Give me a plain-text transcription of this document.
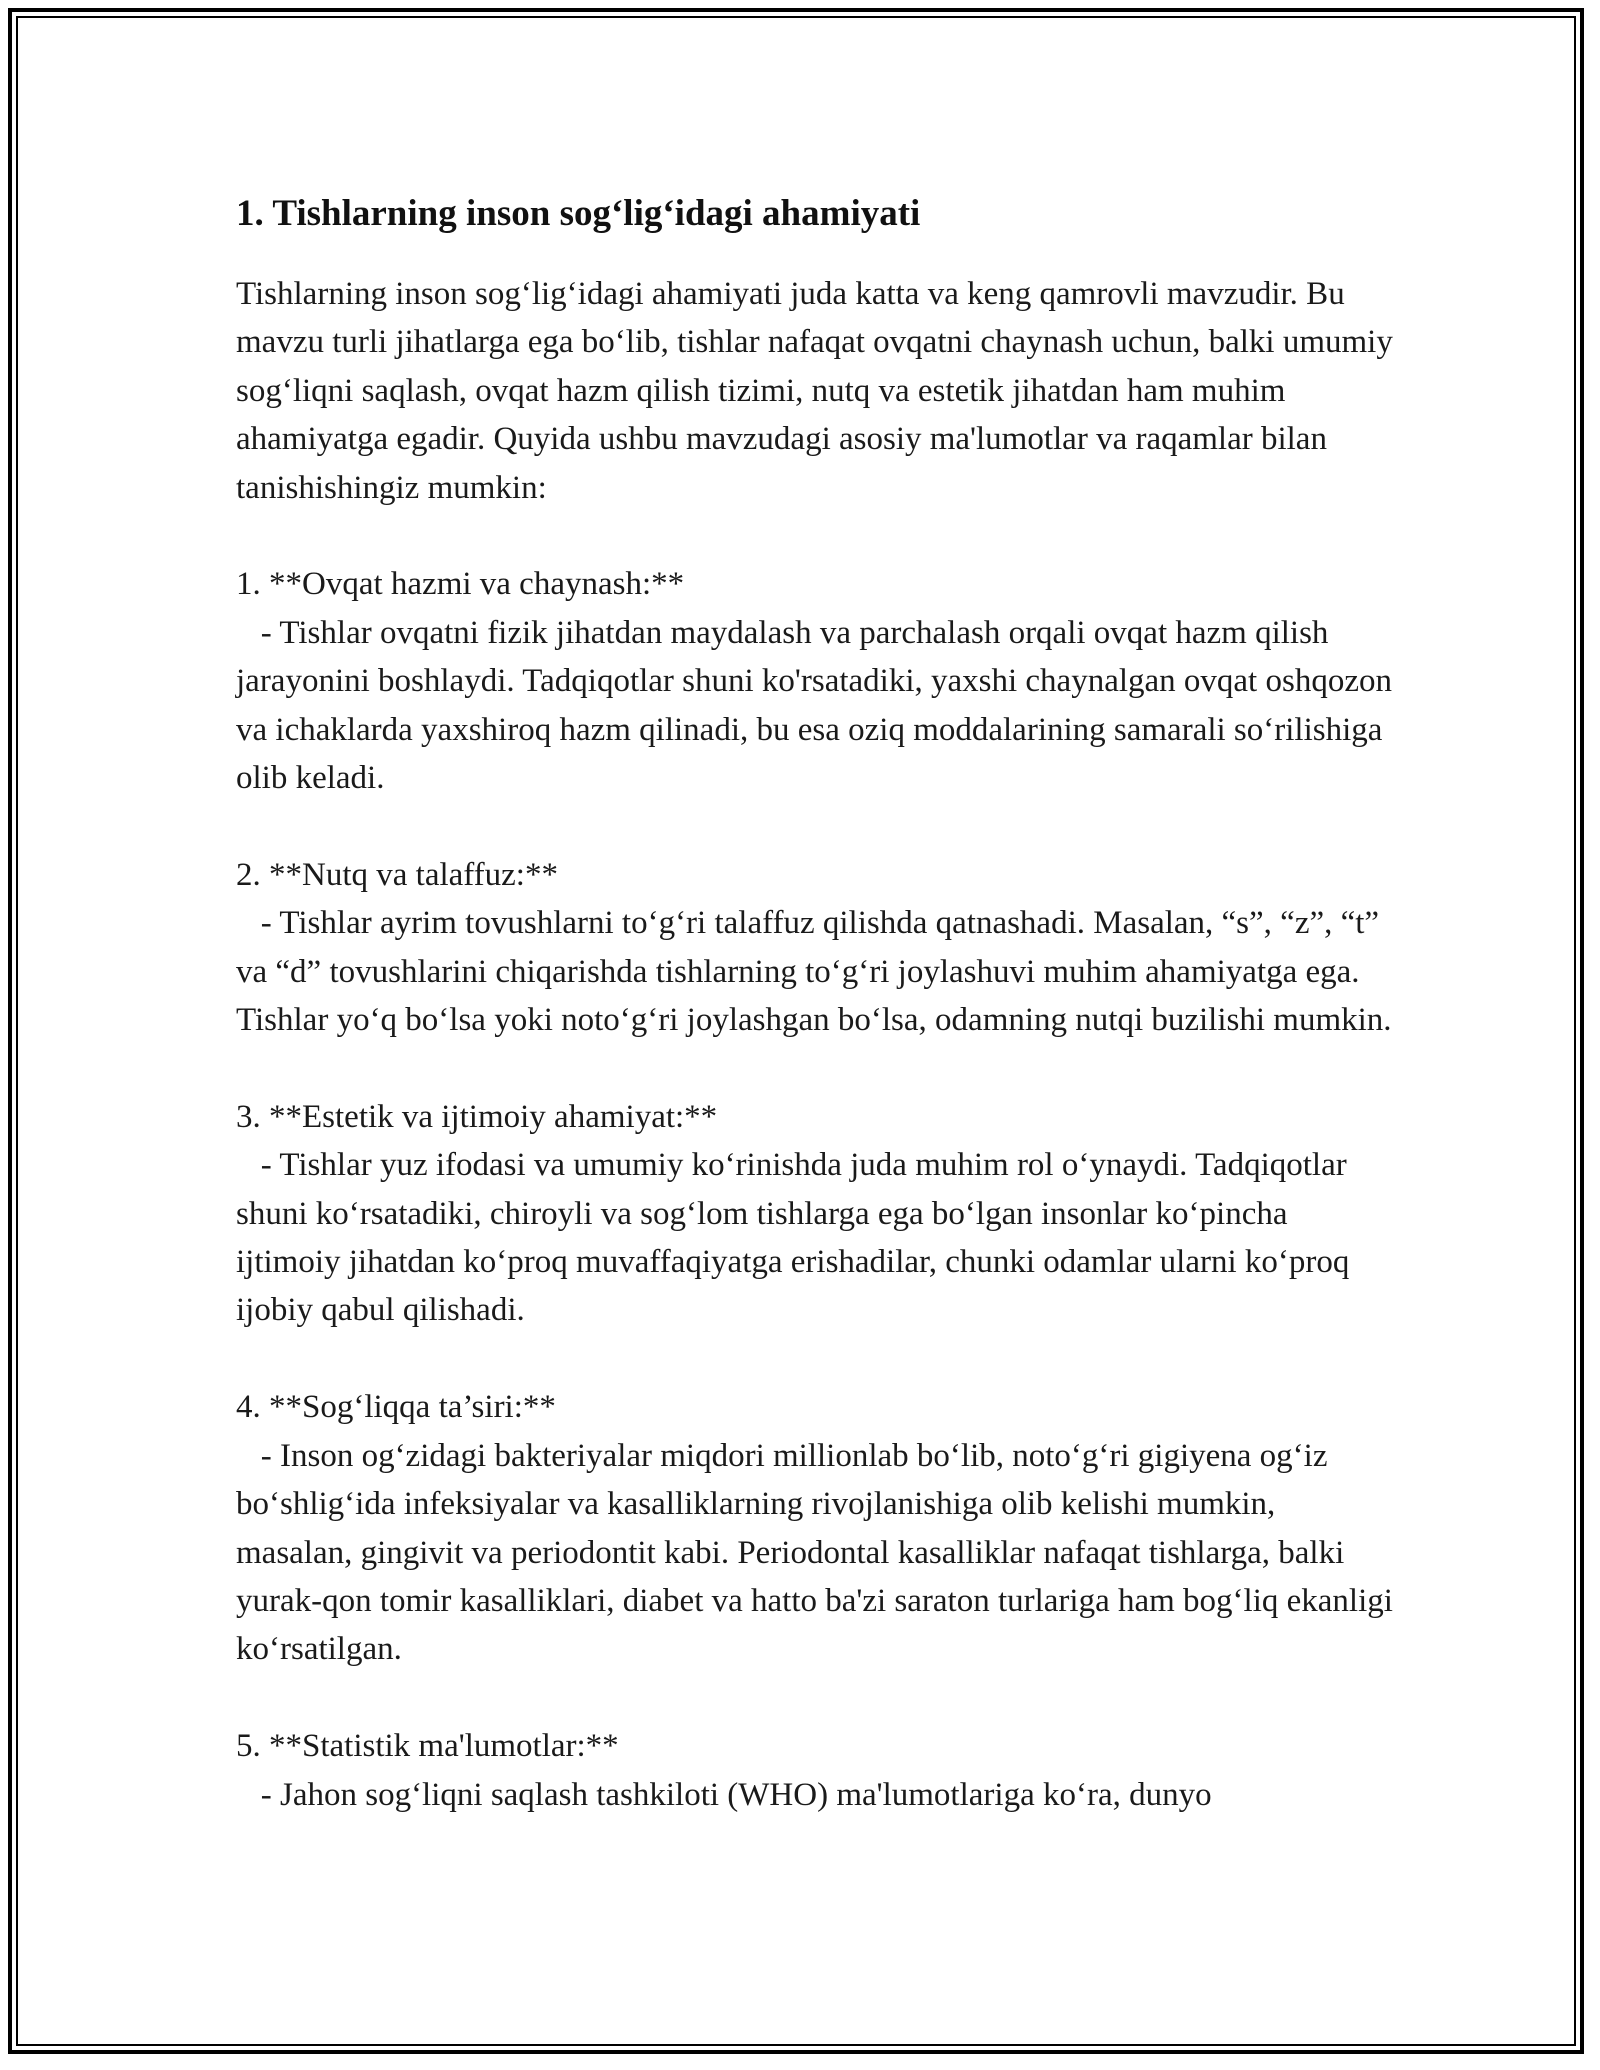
1. Tishlarning inson sog‘lig‘idagi ahamiyati

Tishlarning inson sog‘lig‘idagi ahamiyati juda katta va keng qamrovli mavzudir. Bu mavzu turli jihatlarga ega bo‘lib, tishlar nafaqat ovqatni chaynash uchun, balki umumiy sog‘liqni saqlash, ovqat hazm qilish tizimi, nutq va estetik jihatdan ham muhim ahamiyatga egadir. Quyida ushbu mavzudagi asosiy ma'lumotlar va raqamlar bilan tanishishingiz mumkin:

1. **Ovqat hazmi va chaynash:**

- Tishlar ovqatni fizik jihatdan maydalash va parchalash orqali ovqat hazm qilish jarayonini boshlaydi. Tadqiqotlar shuni ko'rsatadiki, yaxshi chaynalgan ovqat oshqozon va ichaklarda yaxshiroq hazm qilinadi, bu esa oziq moddalarining samarali so‘rilishiga olib keladi.

2. **Nutq va talaffuz:**

- Tishlar ayrim tovushlarni to‘g‘ri talaffuz qilishda qatnashadi. Masalan, “s”, “z”, “t” va “d” tovushlarini chiqarishda tishlarning to‘g‘ri joylashuvi muhim ahamiyatga ega. Tishlar yo‘q bo‘lsa yoki noto‘g‘ri joylashgan bo‘lsa, odamning nutqi buzilishi mumkin.

3. **Estetik va ijtimoiy ahamiyat:**

- Tishlar yuz ifodasi va umumiy ko‘rinishda juda muhim rol o‘ynaydi. Tadqiqotlar shuni ko‘rsatadiki, chiroyli va sog‘lom tishlarga ega bo‘lgan insonlar ko‘pincha ijtimoiy jihatdan ko‘proq muvaffaqiyatga erishadilar, chunki odamlar ularni ko‘proq ijobiy qabul qilishadi.

4. **Sog‘liqqa ta’siri:**

- Inson og‘zidagi bakteriyalar miqdori millionlab bo‘lib, noto‘g‘ri gigiyena og‘iz bo‘shlig‘ida infeksiyalar va kasalliklarning rivojlanishiga olib kelishi mumkin, masalan, gingivit va periodontit kabi. Periodontal kasalliklar nafaqat tishlarga, balki yurak-qon tomir kasalliklari, diabet va hatto ba'zi saraton turlariga ham bog‘liq ekanligi ko‘rsatilgan.

5. **Statistik ma'lumotlar:**

- Jahon sog‘liqni saqlash tashkiloti (WHO) ma'lumotlariga ko‘ra, dunyo
